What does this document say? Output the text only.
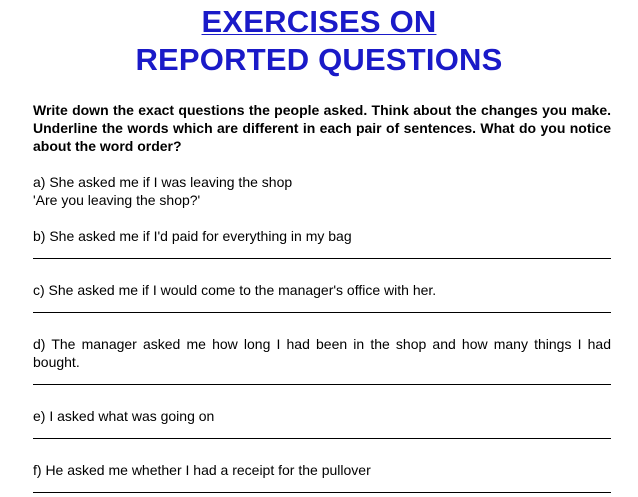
EXERCISES ON
REPORTED QUESTIONS

Write down the exact questions the people asked. Think about the changes you make. Underline the words which are different in each pair of sentences. What do you notice about the word order?

a) She asked me if I was leaving the shop

'Are you leaving the shop?'

b) She asked me if I'd paid for everything in my bag

c) She asked me if I would come to the manager's office with her.

d) The manager asked me how long I had been in the shop and how many things I had bought.

e) I asked what was going on

f) He asked me whether I had a receipt for the pullover
